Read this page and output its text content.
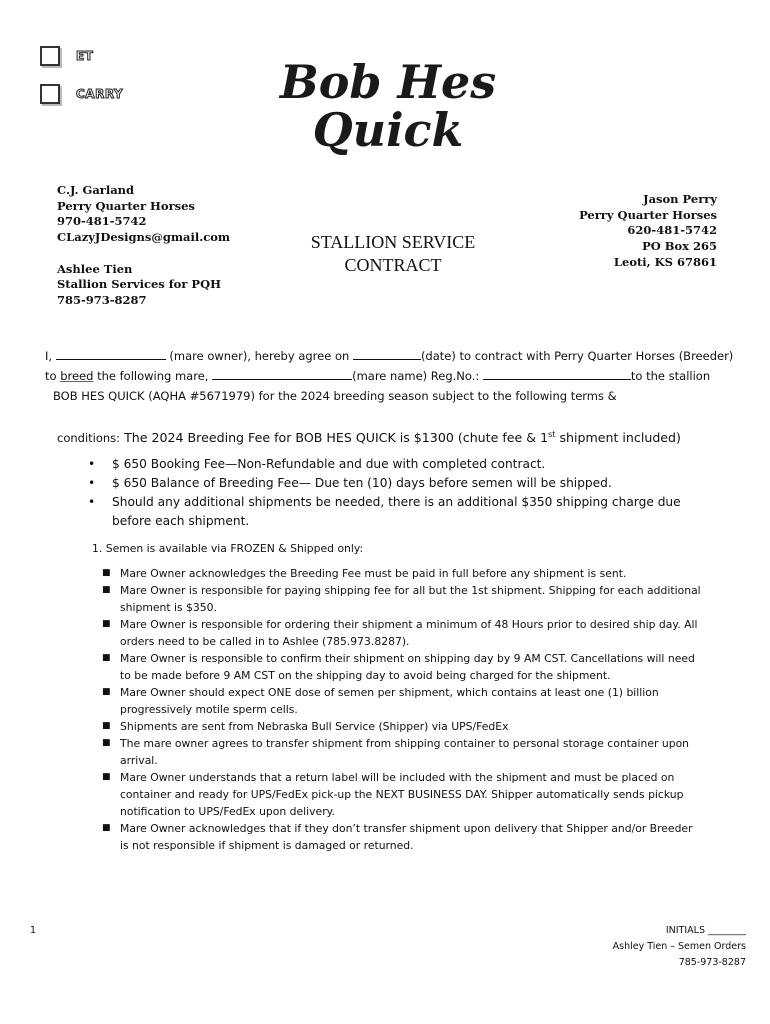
ET
CARRY	Bob Hes
Quick
C.J. Garland
Perry Quarter Horses
970-481-5742
CLazyJDesigns@gmail.com
Ashlee Tien
Stallion Services for PQH
785-973-8287
STALLION SERVICE
CONTRACT
Jason Perry
Perry Quarter Horses
620-481-5742
PO Box 265
Leoti, KS 67861
I,	(mare owner), hereby agree on	(date) to contract with Perry Quarter Horses (Breeder)
to breed the following mare,	(mare name) Reg.No.:	to the stallion
BOB HES QUICK (AQHA #5671979) for the 2024 breeding season subject to the following terms &
conditions: The 2024 Breeding Fee for BOB HES QUICK is $1300 (chute fee & 1st shipment included)
• $ 650 Booking Fee—Non-Refundable and due with completed contract.
• $ 650 Balance of Breeding Fee— Due ten (10) days before semen will be shipped.
• Should any additional shipments be needed, there is an additional $350 shipping charge due before each shipment.
1. Semen is available via FROZEN & Shipped only:
■ Mare Owner acknowledges the Breeding Fee must be paid in full before any shipment is sent.
■ Mare Owner is responsible for paying shipping fee for all but the 1st shipment. Shipping for each additional shipment is $350.
■ Mare Owner is responsible for ordering their shipment a minimum of 48 Hours prior to desired ship day. All orders need to be called in to Ashlee (785.973.8287).
■ Mare Owner is responsible to confirm their shipment on shipping day by 9 AM CST. Cancellations will need to be made before 9 AM CST on the shipping day to avoid being charged for the shipment.
■ Mare Owner should expect ONE dose of semen per shipment, which contains at least one (1) billion progressively motile sperm cells.
■ Shipments are sent from Nebraska Bull Service (Shipper) via UPS/FedEx
■ The mare owner agrees to transfer shipment from shipping container to personal storage container upon arrival.
■ Mare Owner understands that a return label will be included with the shipment and must be placed on container and ready for UPS/FedEx pick-up the NEXT BUSINESS DAY. Shipper automatically sends pickup notification to UPS/FedEx upon delivery.
■ Mare Owner acknowledges that if they don’t transfer shipment upon delivery that Shipper and/or Breeder is not responsible if shipment is damaged or returned.
1	INITIALS ________
Ashley Tien – Semen Orders
785-973-8287
